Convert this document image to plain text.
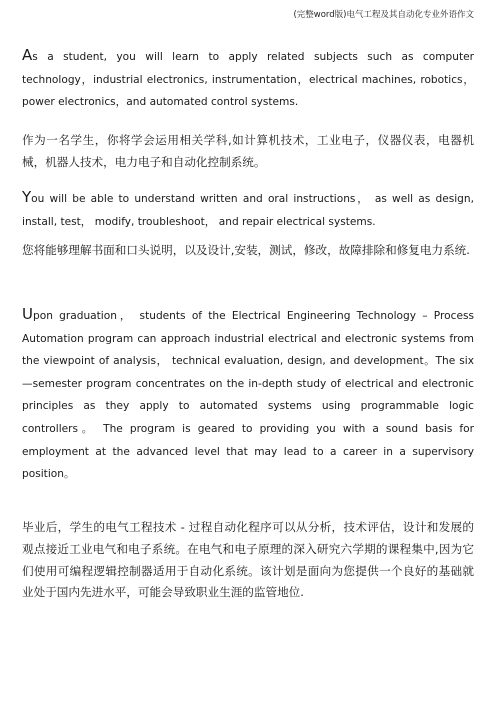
(完整word版)电气工程及其自动化专业外语作文

As a student, you will learn to apply related subjects such as computer technology，industrial electronics, instrumentation，electrical machines, robotics，power electronics，and automated control systems.

作为一名学生，你将学会运用相关学科,如计算机技术，工业电子，仪器仪表，电器机械，机器人技术，电力电子和自动化控制系统。

You will be able to understand written and oral instructions， as well as design, install, test， modify, troubleshoot， and repair electrical systems.

您将能够理解书面和口头说明，以及设计,安装，测试，修改，故障排除和修复电力系统.

Upon graduation， students of the Electrical Engineering Technology – Process Automation program can approach industrial electrical and electronic systems from the viewpoint of analysis， technical evaluation, design, and development。The six—semester program concentrates on the in-depth study of electrical and electronic principles as they apply to automated systems using programmable logic controllers。 The program is geared to providing you with a sound basis for employment at the advanced level that may lead to a career in a supervisory position。

毕业后，学生的电气工程技术 - 过程自动化程序可以从分析，技术评估，设计和发展的观点接近工业电气和电子系统。在电气和电子原理的深入研究六学期的课程集中,因为它们使用可编程逻辑控制器适用于自动化系统。该计划是面向为您提供一个良好的基础就业处于国内先进水平，可能会导致职业生涯的监管地位.
